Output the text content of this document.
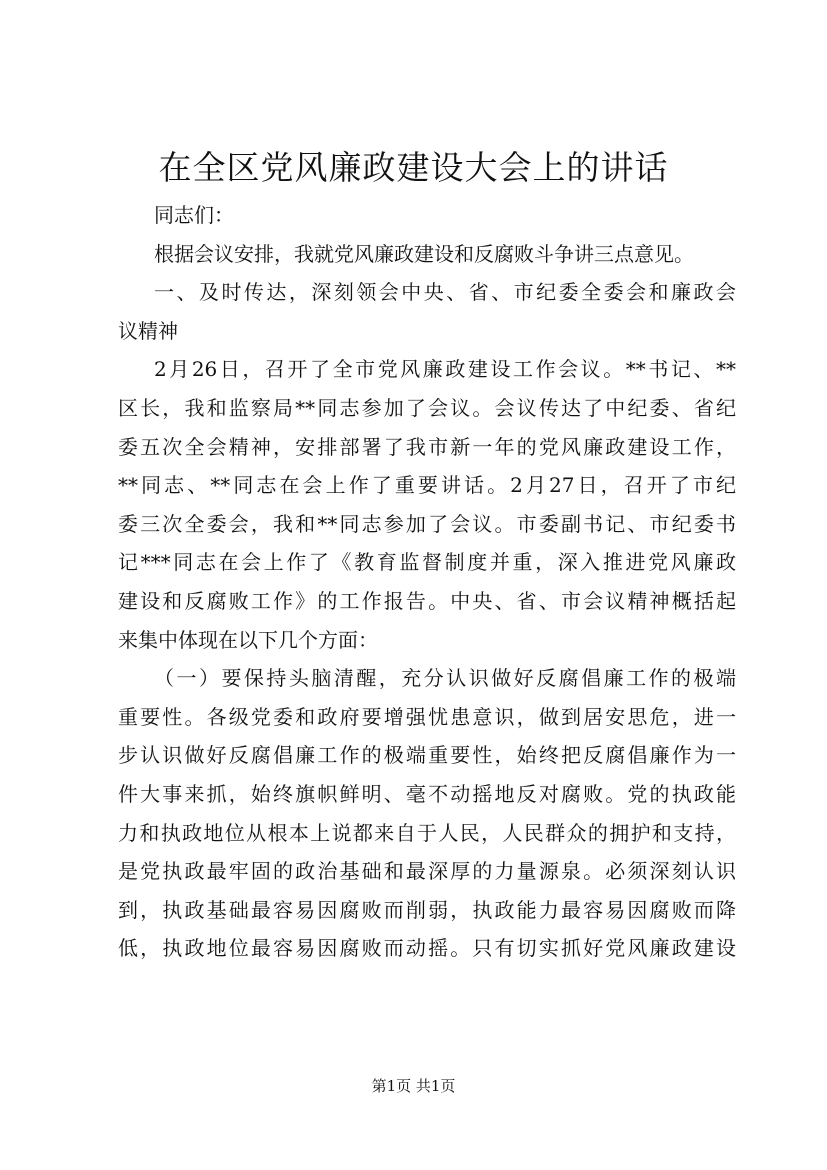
在全区党风廉政建设大会上的讲话
同志们：
根据会议安排，我就党风廉政建设和反腐败斗争讲三点意见。
一、及时传达，深刻领会中央、省、市纪委全委会和廉政会
议精神
2月26日，召开了全市党风廉政建设工作会议。**书记、**
区长，我和监察局**同志参加了会议。会议传达了中纪委、省纪
委五次全会精神，安排部署了我市新一年的党风廉政建设工作，
**同志、**同志在会上作了重要讲话。2月27日，召开了市纪
委三次全委会，我和**同志参加了会议。市委副书记、市纪委书
记***同志在会上作了《教育监督制度并重，深入推进党风廉政
建设和反腐败工作》的工作报告。中央、省、市会议精神概括起
来集中体现在以下几个方面：
（一）要保持头脑清醒，充分认识做好反腐倡廉工作的极端
重要性。各级党委和政府要增强忧患意识，做到居安思危，进一
步认识做好反腐倡廉工作的极端重要性，始终把反腐倡廉作为一
件大事来抓，始终旗帜鲜明、毫不动摇地反对腐败。党的执政能
力和执政地位从根本上说都来自于人民，人民群众的拥护和支持，
是党执政最牢固的政治基础和最深厚的力量源泉。必须深刻认识
到，执政基础最容易因腐败而削弱，执政能力最容易因腐败而降
低，执政地位最容易因腐败而动摇。只有切实抓好党风廉政建设
第1页 共1页
